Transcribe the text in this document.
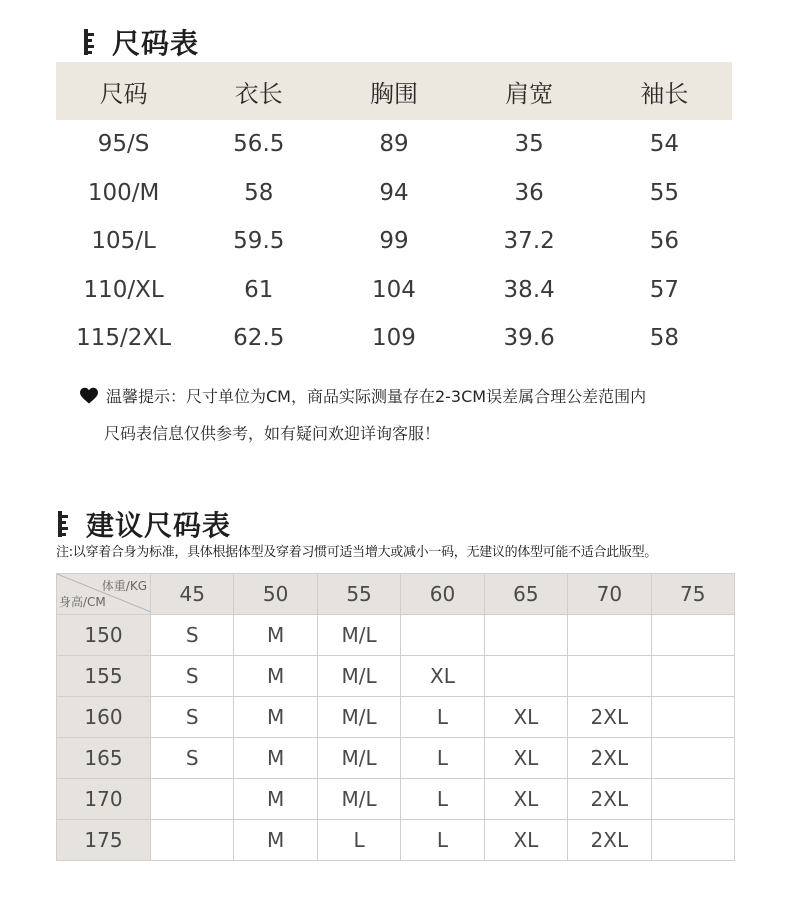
尺码表
尺码	衣长	胸围	肩宽	袖长
95/S	56.5	89	35	54
100/M	58	94	36	55
105/L	59.5	99	37.2	56
110/XL	61	104	38.4	57
115/2XL	62.5	109	39.6	58
温馨提示：尺寸单位为CM，商品实际测量存在2-3CM误差属合理公差范围内
尺码表信息仅供参考，如有疑问欢迎详询客服！
建议尺码表
注:以穿着合身为标准，具体根据体型及穿着习惯可适当增大或减小一码，无建议的体型可能不适合此版型。
体重/KG
身高/CM	45	50	55	60	65	70	75
150	S	M	M/L				
155	S	M	M/L	XL			
160	S	M	M/L	L	XL	2XL	
165	S	M	M/L	L	XL	2XL	
170		M	M/L	L	XL	2XL	
175		M	L	L	XL	2XL	
